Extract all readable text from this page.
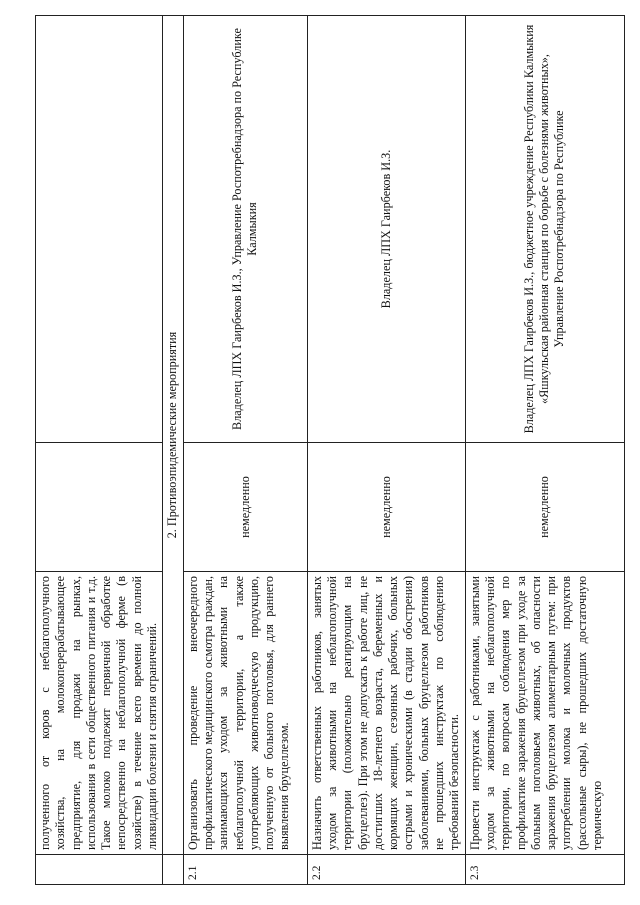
	полученного от коров с неблагополучного хозяйства, на молокоперерабатывающее предприятие, для продажи на рынках, использования в сети общественного питания и т.д. Такое молоко подлежит первичной обработке непосредственно на неблагополучной ферме (в хозяйстве) в течение всего времени до полной ликвидации болезни и снятия ограничений.		
	2. Противоэпидемические мероприятия		
2.1	Организовать проведение внеочередного профилактического медицинского осмотра граждан, занимающихся уходом за животными на неблагополучной территории, а также употребляющих животноводческую продукцию, полученную от больного поголовья, для раннего выявления бруцеллезом.	немедленно	Владелец ЛПХ Гаирбеков И.З., Управление Роспотребнадзора по Республике Калмыкия
2.2	Назначить ответственных работников, занятых уходом за животными на неблагополучной территории (положительно реагирующим на бруцеллез). При этом не допускать к работе лиц, не достигших 18-летнего возраста, беременных и кормящих женщин, сезонных рабочих, больных острыми и хроническими (в стадии обострения) заболеваниями, больных бруцеллезом работников не прошедших инструктаж по соблюдению требований безопасности.	немедленно	Владелец ЛПХ Гаирбеков И.З.
2.3	Провести инструктаж с работниками, занятыми уходом за животными на неблагополучной территории, по вопросам соблюдения мер по профилактике заражения бруцеллезом при уходе за больным поголовьем животных, об опасности заражения бруцеллезом алиментарным путем: при употреблении молока и молочных продуктов (рассольные сыры), не прошедших достаточную термическую	немедленно	Владелец ЛПХ Гаирбеков И.З., бюджетное учреждение Республики Калмыкия «Яшкульская районная станция по борьбе с болезнями животных», Управление Роспотребнадзора по Республике
